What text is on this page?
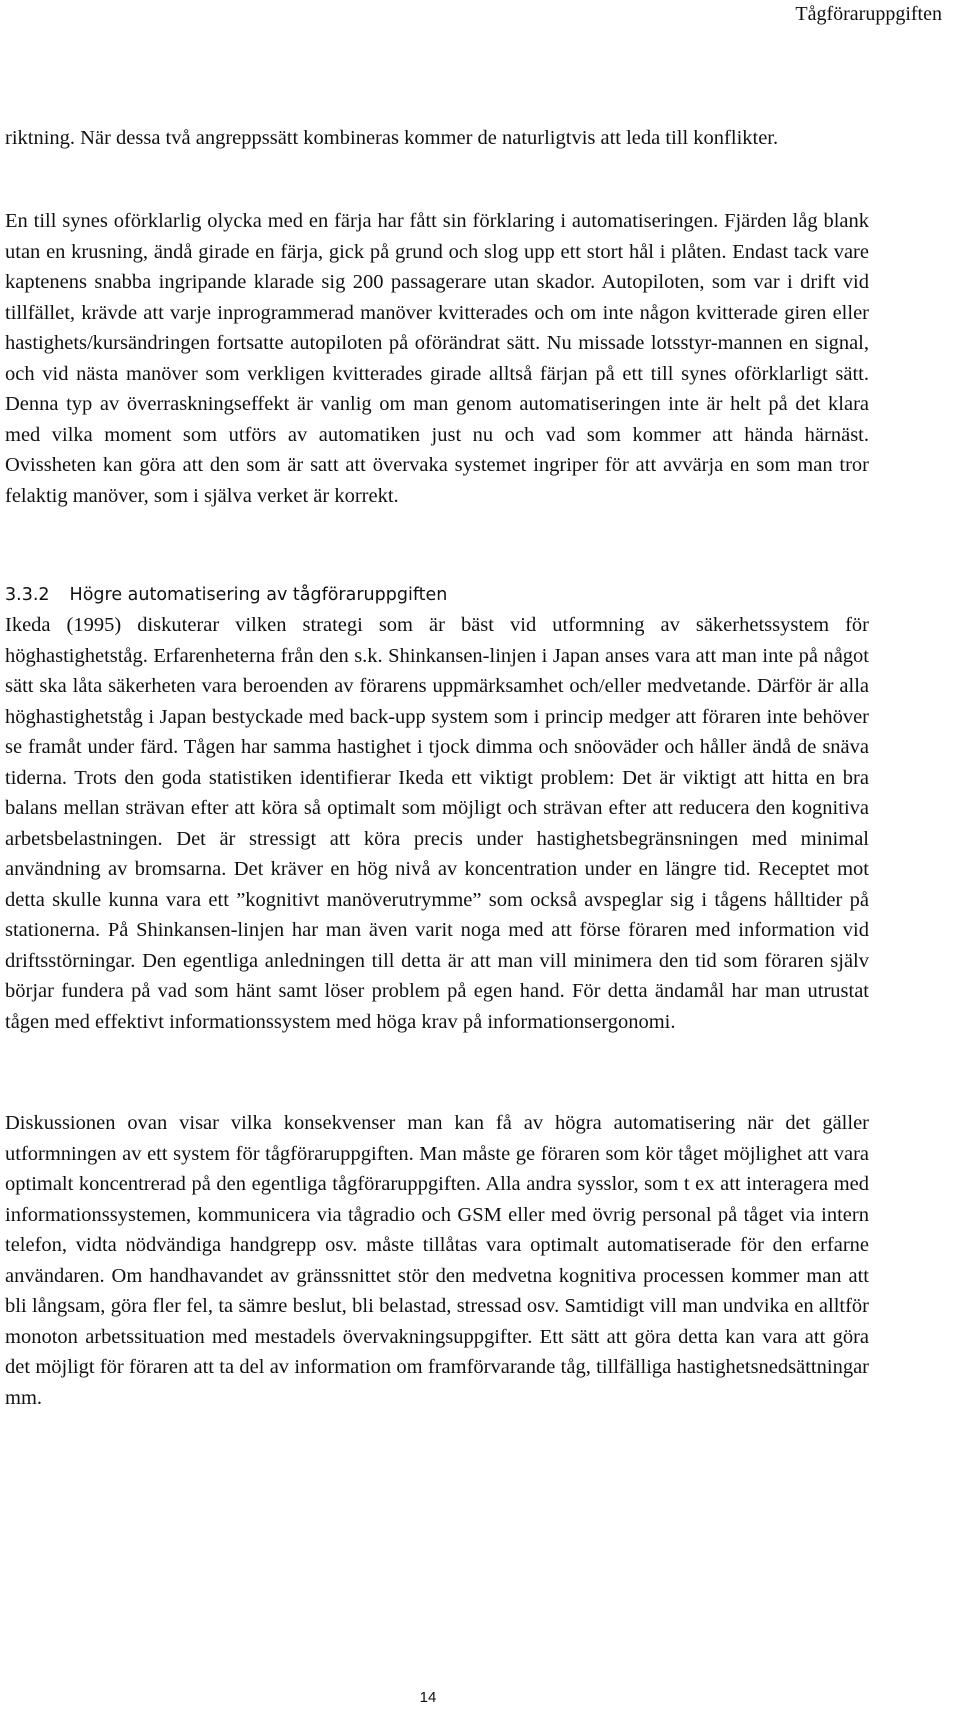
Tågföraruppgiften

riktning. När dessa två angreppssätt kombineras kommer de naturligtvis att leda till konflikter.

En till synes oförklarlig olycka med en färja har fått sin förklaring i automatiseringen. Fjärden låg blank utan en krusning, ändå girade en färja, gick på grund och slog upp ett stort hål i plåten. Endast tack vare kaptenens snabba ingripande klarade sig 200 passagerare utan skador. Autopiloten, som var i drift vid tillfället, krävde att varje inprogrammerad manöver kvitterades och om inte någon kvitterade giren eller hastighets/kursändringen fortsatte autopiloten på oförändrat sätt. Nu missade lotsstyr-mannen en signal, och vid nästa manöver som verkligen kvitterades girade alltså färjan på ett till synes oförklarligt sätt. Denna typ av överraskningseffekt är vanlig om man genom automatiseringen inte är helt på det klara med vilka moment som utförs av automatiken just nu och vad som kommer att hända härnäst. Ovissheten kan göra att den som är satt att övervaka systemet ingriper för att avvärja en som man tror felaktig manöver, som i själva verket är korrekt.

3.3.2 Högre automatisering av tågföraruppgiften

Ikeda (1995) diskuterar vilken strategi som är bäst vid utformning av säkerhetssystem för höghastighetståg. Erfarenheterna från den s.k. Shinkansen-linjen i Japan anses vara att man inte på något sätt ska låta säkerheten vara beroenden av förarens uppmärksamhet och/eller medvetande. Därför är alla höghastighetståg i Japan bestyckade med back-upp system som i princip medger att föraren inte behöver se framåt under färd. Tågen har samma hastighet i tjock dimma och snöoväder och håller ändå de snäva tiderna. Trots den goda statistiken identifierar Ikeda ett viktigt problem: Det är viktigt att hitta en bra balans mellan strävan efter att köra så optimalt som möjligt och strävan efter att reducera den kognitiva arbetsbelastningen. Det är stressigt att köra precis under hastighetsbegränsningen med minimal användning av bromsarna. Det kräver en hög nivå av koncentration under en längre tid. Receptet mot detta skulle kunna vara ett ”kognitivt manöverutrymme” som också avspeglar sig i tågens hålltider på stationerna. På Shinkansen-linjen har man även varit noga med att förse föraren med information vid driftsstörningar. Den egentliga anledningen till detta är att man vill minimera den tid som föraren själv börjar fundera på vad som hänt samt löser problem på egen hand. För detta ändamål har man utrustat tågen med effektivt informationssystem med höga krav på informationsergonomi.

Diskussionen ovan visar vilka konsekvenser man kan få av högra automatisering när det gäller utformningen av ett system för tågföraruppgiften. Man måste ge föraren som kör tåget möjlighet att vara optimalt koncentrerad på den egentliga tågföraruppgiften. Alla andra sysslor, som t ex att interagera med informationssystemen, kommunicera via tågradio och GSM eller med övrig personal på tåget via intern telefon, vidta nödvändiga handgrepp osv. måste tillåtas vara optimalt automatiserade för den erfarne användaren. Om handhavandet av gränssnittet stör den medvetna kognitiva processen kommer man att bli långsam, göra fler fel, ta sämre beslut, bli belastad, stressad osv. Samtidigt vill man undvika en alltför monoton arbetssituation med mestadels övervakningsuppgifter. Ett sätt att göra detta kan vara att göra det möjligt för föraren att ta del av information om framförvarande tåg, tillfälliga hastighetsnedsättningar mm.

14
